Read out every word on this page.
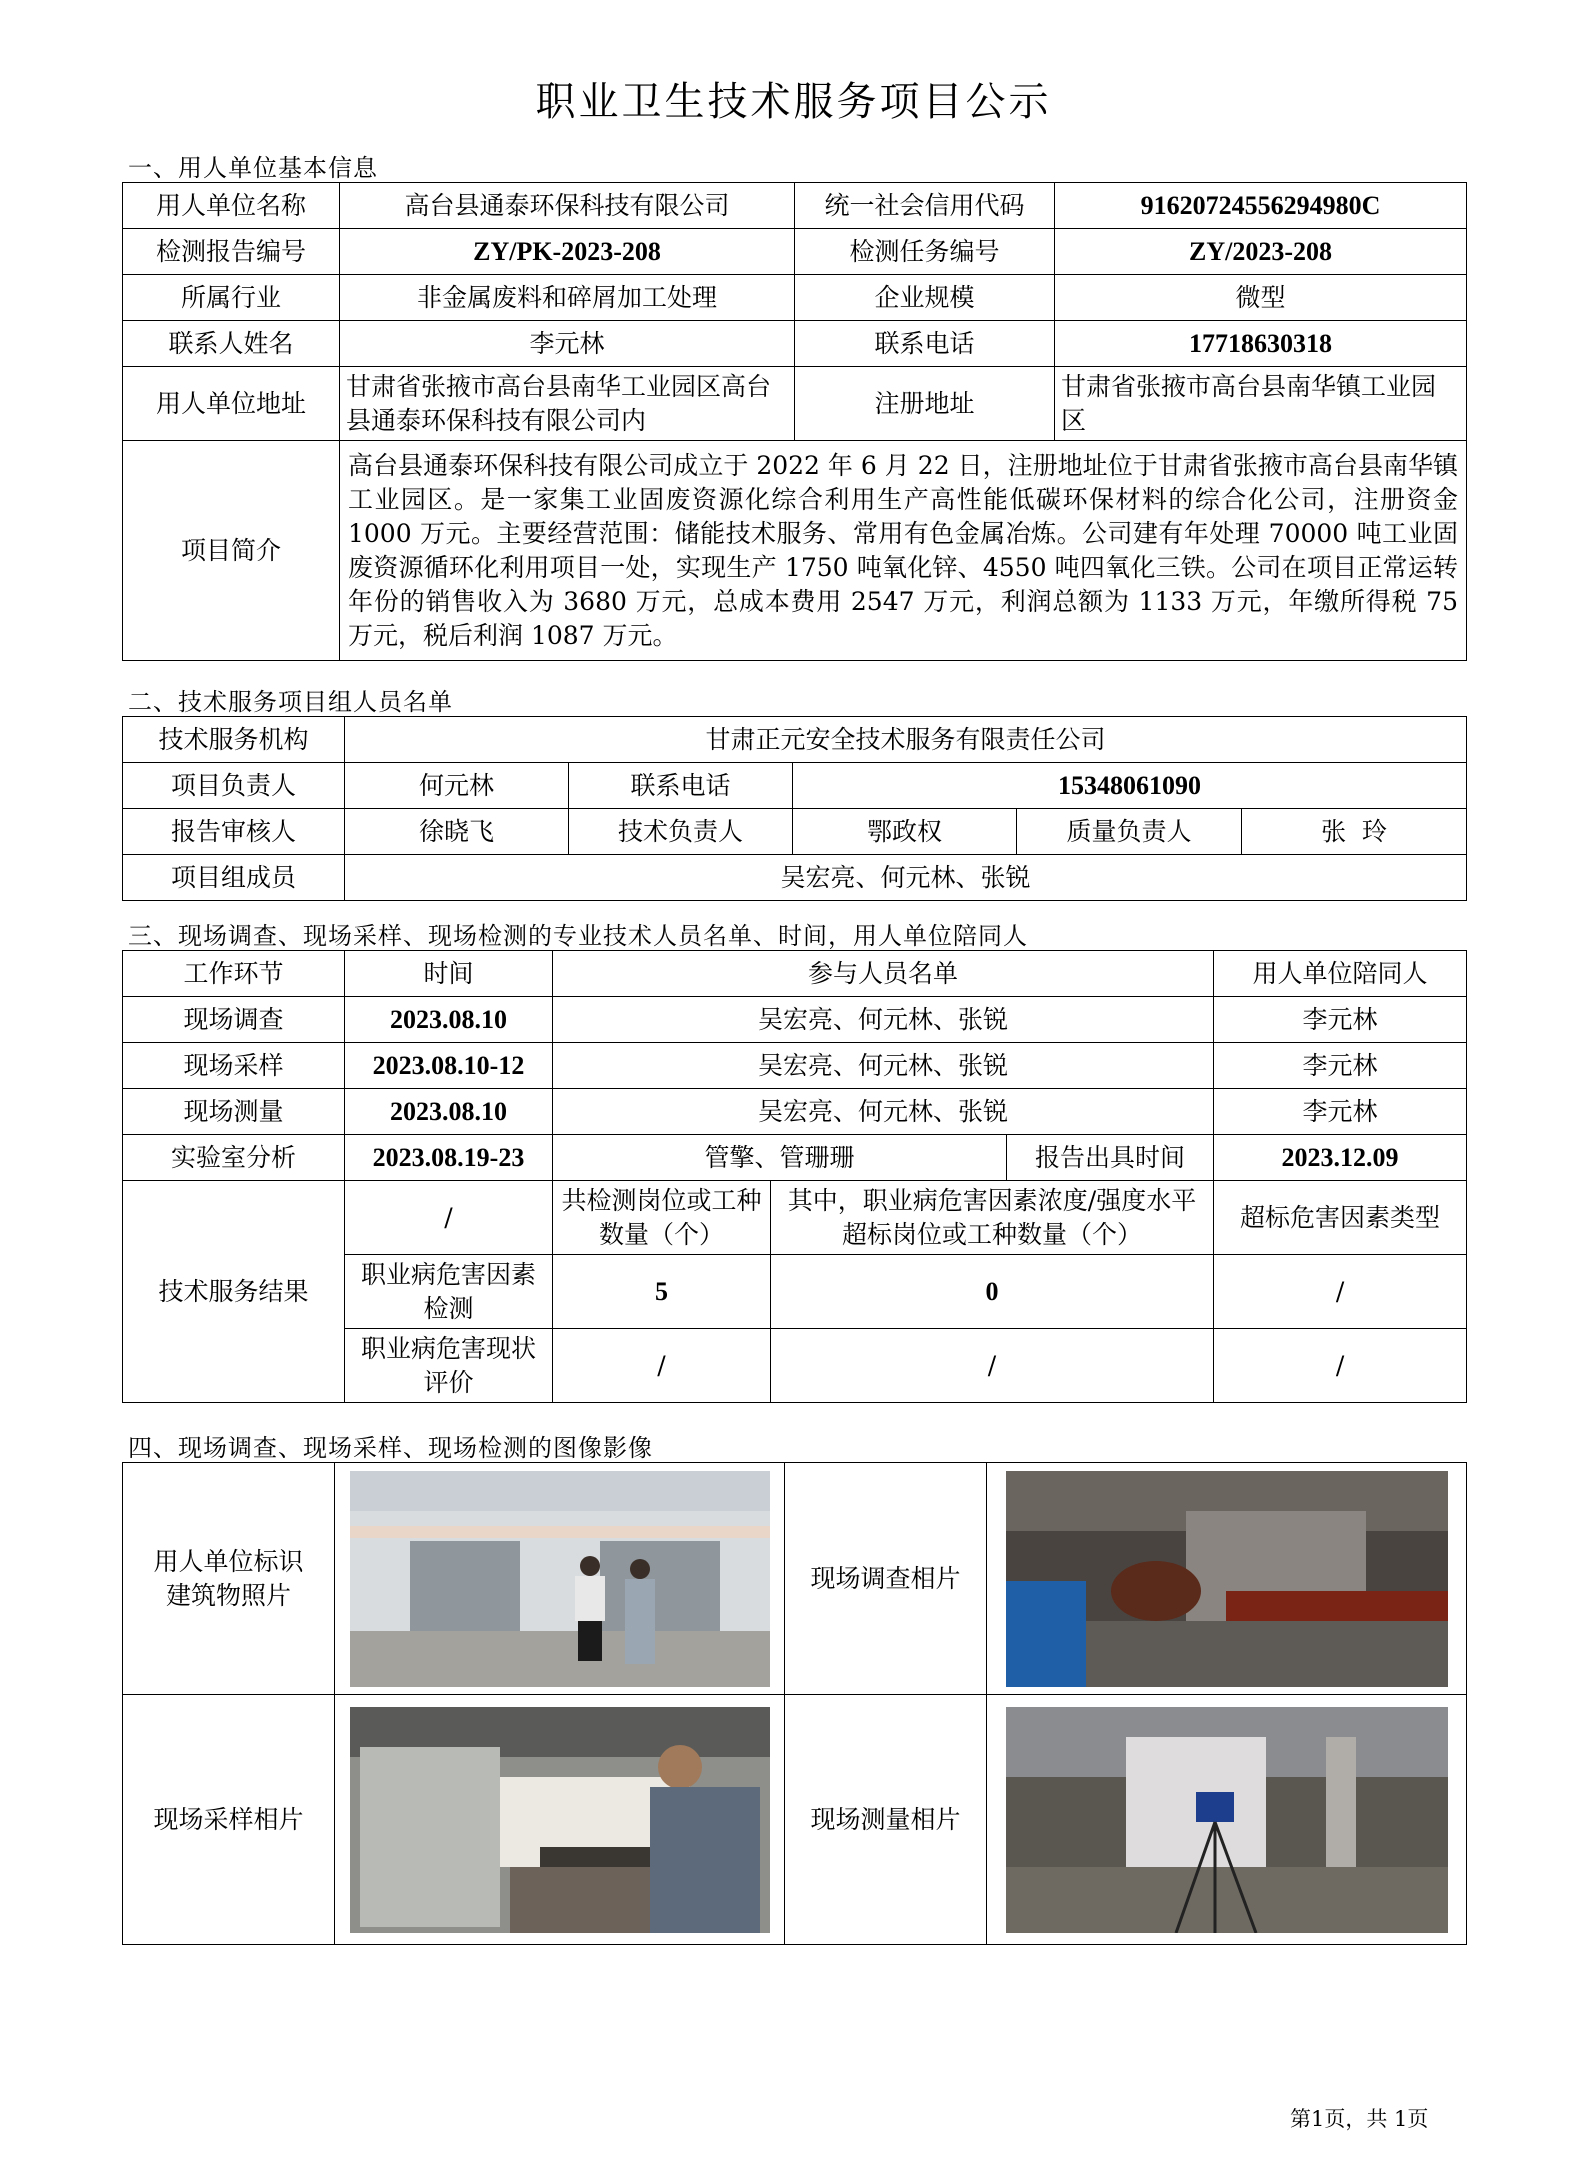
职业卫生技术服务项目公示
一、用人单位基本信息
用人单位名称	高台县通泰环保科技有限公司	统一社会信用代码	91620724556294980C
检测报告编号	ZY/PK-2023-208	检测任务编号	ZY/2023-208
所属行业	非金属废料和碎屑加工处理	企业规模	微型
联系人姓名	李元林	联系电话	17718630318
用人单位地址	甘肃省张掖市高台县南华工业园区高台县通泰环保科技有限公司内	注册地址	甘肃省张掖市高台县南华镇工业园区
项目简介	高台县通泰环保科技有限公司成立于 2022 年 6 月 22 日，注册地址位于甘肃省张掖市高台县南华镇工业园区。是一家集工业固废资源化综合利用生产高性能低碳环保材料的综合化公司，注册资金 1000 万元。主要经营范围：储能技术服务、常用有色金属冶炼。公司建有年处理 70000 吨工业固废资源循环化利用项目一处，实现生产 1750 吨氧化锌、4550 吨四氧化三铁。公司在项目正常运转年份的销售收入为 3680 万元，总成本费用 2547 万元，利润总额为 1133 万元，年缴所得税 75 万元，税后利润 1087 万元。		
二、技术服务项目组人员名单
技术服务机构	甘肃正元安全技术服务有限责任公司				
项目负责人	何元林	联系电话	15348061090		
报告审核人	徐晓飞	技术负责人	鄂政权	质量负责人	张  玲
项目组成员	吴宏亮、何元林、张锐				
三、现场调查、现场采样、现场检测的专业技术人员名单、时间，用人单位陪同人
工作环节	时间	参与人员名单			用人单位陪同人
现场调查	2023.08.10	吴宏亮、何元林、张锐			李元林
现场采样	2023.08.10-12	吴宏亮、何元林、张锐			李元林
现场测量	2023.08.10	吴宏亮、何元林、张锐			李元林
实验室分析	2023.08.19-23	管擎、管珊珊		报告出具时间	2023.12.09
技术服务结果	/	共检测岗位或工种数量（个）	其中，职业病危害因素浓度/强度水平超标岗位或工种数量（个）		超标危害因素类型
	职业病危害因素检测	5	0		/
	职业病危害现状评价	/	/		/
四、现场调查、现场采样、现场检测的图像影像
用人单位标识建筑物照片		现场调查相片	

现场采样相片		现场测量相片	
第1页，共 1页
